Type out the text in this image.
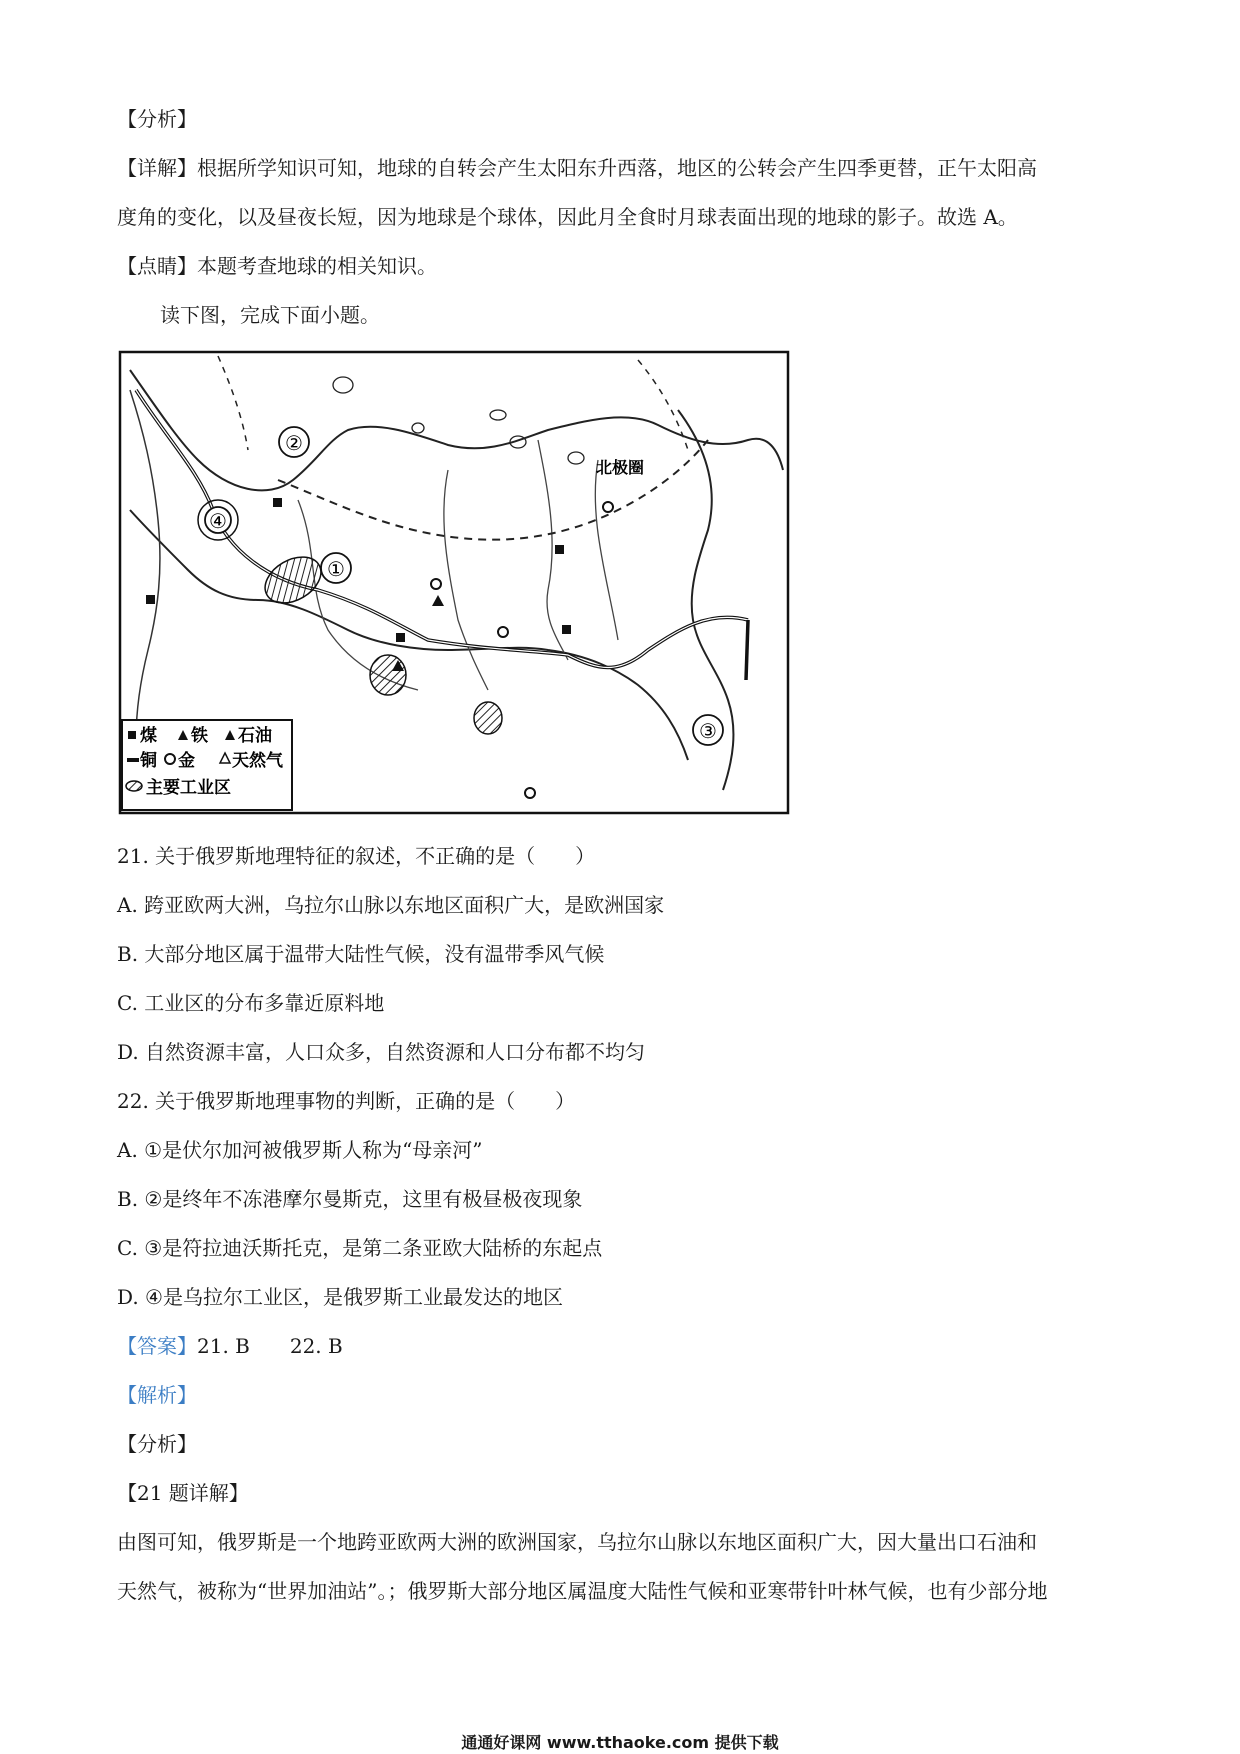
【分析】
【详解】根据所学知识可知，地球的自转会产生太阳东升西落，地区的公转会产生四季更替，正午太阳高
度角的变化，以及昼夜长短，因为地球是个球体，因此月全食时月球表面出现的地球的影子。故选 A。
【点睛】本题考查地球的相关知识。
读下图，完成下面小题。
①
②
③
④
北极圈
煤 铁 石油
铜 金 天然气
主要工业区
21. 关于俄罗斯地理特征的叙述，不正确的是（　　）
A. 跨亚欧两大洲，乌拉尔山脉以东地区面积广大，是欧洲国家
B. 大部分地区属于温带大陆性气候，没有温带季风气候
C. 工业区的分布多靠近原料地
D. 自然资源丰富，人口众多，自然资源和人口分布都不均匀
22. 关于俄罗斯地理事物的判断，正确的是（　　）
A. ①是伏尔加河被俄罗斯人称为“母亲河”
B. ②是终年不冻港摩尔曼斯克，这里有极昼极夜现象
C. ③是符拉迪沃斯托克，是第二条亚欧大陆桥的东起点
D. ④是乌拉尔工业区，是俄罗斯工业最发达的地区
【答案】21. B　　22. B
【解析】
【分析】
【21 题详解】
由图可知，俄罗斯是一个地跨亚欧两大洲的欧洲国家，乌拉尔山脉以东地区面积广大，因大量出口石油和
天然气，被称为“世界加油站”。；俄罗斯大部分地区属温度大陆性气候和亚寒带针叶林气候，也有少部分地
通通好课网 www.tthaoke.com 提供下载
